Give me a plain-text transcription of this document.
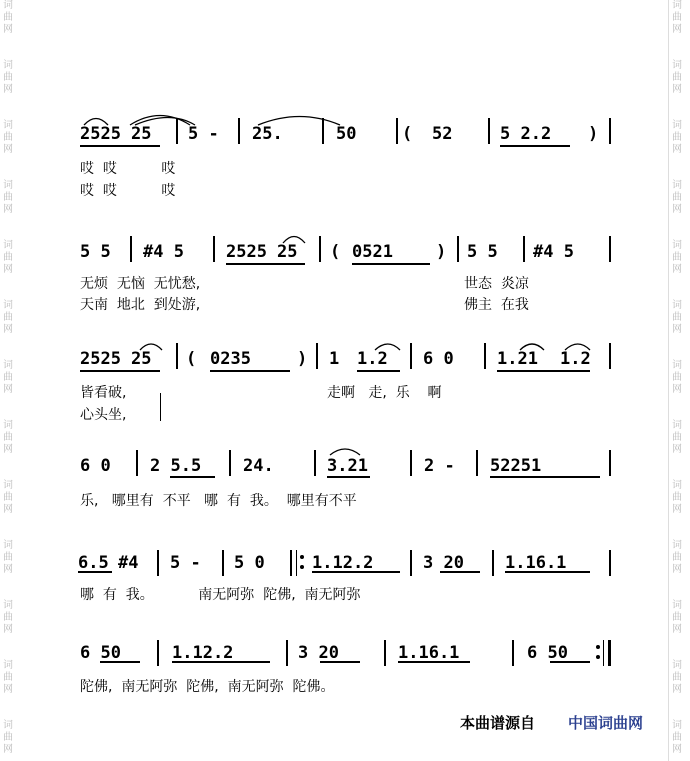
词
曲
网
词
曲
网
词
曲
网
词
曲
网
词
曲
网
词
曲
网
词
曲
网
词
曲
网
词
曲
网
词
曲
网
词
曲
网
词
曲
网
词
曲
网
词
曲
网
词
曲
网
词
曲
网
词
曲
网
词
曲
网
词
曲
网
词
曲
网
词
曲
网
词
曲
网
词
曲
网
词
曲
网
词
曲
网
词
曲
网
2525 25 5 - 25.	50	( 52	5 2.2 )
哎  哎          哎
哎  哎          哎
5 5 #4 5 2525 25 ( 0521	) 5 5 #4 5
无烦  无恼  无忧愁,
天南  地北  到处游,
世态  炎凉
佛主  在我
2525 25 ( 0235	) 1 1.2 6 0	1.21 1.2
皆看破,
心头坐,
走啊   走,  乐    啊
6 0 2 5.5 24.	3.21	2 - 52251
乐,   哪里有  不平   哪  有  我。  哪里有不平
6.5 #4 5 - 5 0	1.12.2	3 20 1.16.1
哪  有  我。          南无阿弥  陀佛,  南无阿弥
6 50	1.12.2	3 20	1.16.1	6 50
陀佛,  南无阿弥  陀佛,  南无阿弥  陀佛。
本曲谱源自 中国词曲网
